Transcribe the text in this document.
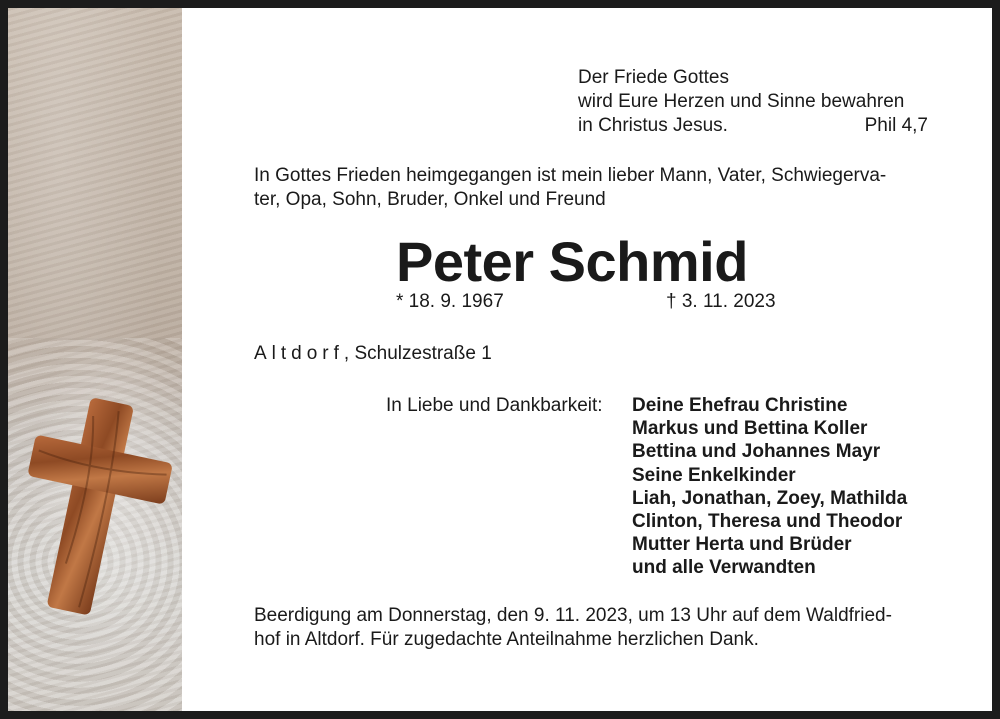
Der Friede Gottes
wird Eure Herzen und Sinne bewahren
in Christus Jesus.	Phil 4,7
In Gottes Frieden heimgegangen ist mein lieber Mann, Vater, Schwiegerva-
ter, Opa, Sohn, Bruder, Onkel und Freund
Peter Schmid
* 18. 9. 1967	† 3. 11. 2023
Altdorf, Schulzestraße 1
In Liebe und Dankbarkeit: Deine Ehefrau Christine
Markus und Bettina Koller
Bettina und Johannes Mayr
Seine Enkelkinder
Liah, Jonathan, Zoey, Mathilda
Clinton, Theresa und Theodor
Mutter Herta und Brüder
und alle Verwandten
Beerdigung am Donnerstag, den 9. 11. 2023, um 13 Uhr auf dem Waldfried-
hof in Altdorf. Für zugedachte Anteilnahme herzlichen Dank.
